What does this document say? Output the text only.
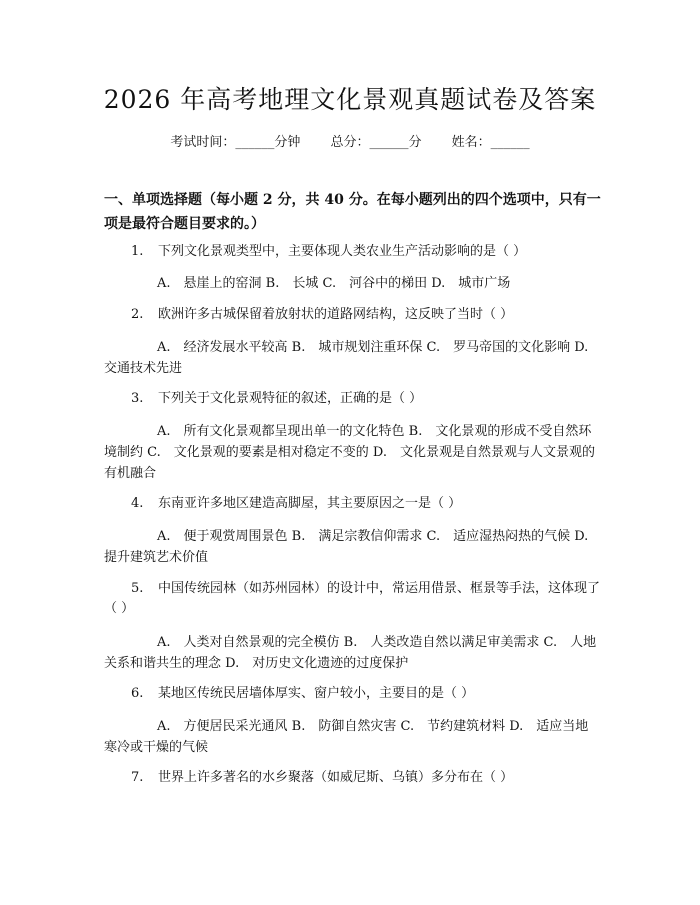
2026 年高考地理文化景观真题试卷及答案
考试时间：______分钟 总分：______分 姓名：______
一、单项选择题（每小题 2 分，共 40 分。在每小题列出的四个选项中，只有一项是最符合题目要求的。）
1. 下列文化景观类型中，主要体现人类农业生产活动影响的是（ ）
A.　悬崖上的窑洞 B.　长城 C.　河谷中的梯田 D.　城市广场
2. 欧洲许多古城保留着放射状的道路网结构，这反映了当时（ ）
A.　经济发展水平较高 B.　城市规划注重环保 C.　罗马帝国的文化影响 D.　交通技术先进
3. 下列关于文化景观特征的叙述，正确的是（ ）
A.　所有文化景观都呈现出单一的文化特色 B.　文化景观的形成不受自然环境制约 C.　文化景观的要素是相对稳定不变的 D.　文化景观是自然景观与人文景观的有机融合
4. 东南亚许多地区建造高脚屋，其主要原因之一是（ ）
A.　便于观赏周围景色 B.　满足宗教信仰需求 C.　适应湿热闷热的气候 D.　提升建筑艺术价值
5. 中国传统园林（如苏州园林）的设计中，常运用借景、框景等手法，这体现了（ ）
A.　人类对自然景观的完全模仿 B.　人类改造自然以满足审美需求 C.　人地关系和谐共生的理念 D.　对历史文化遗迹的过度保护
6. 某地区传统民居墙体厚实、窗户较小，主要目的是（ ）
A.　方便居民采光通风 B.　防御自然灾害 C.　节约建筑材料 D.　适应当地寒冷或干燥的气候
7. 世界上许多著名的水乡聚落（如威尼斯、乌镇）多分布在（ ）
